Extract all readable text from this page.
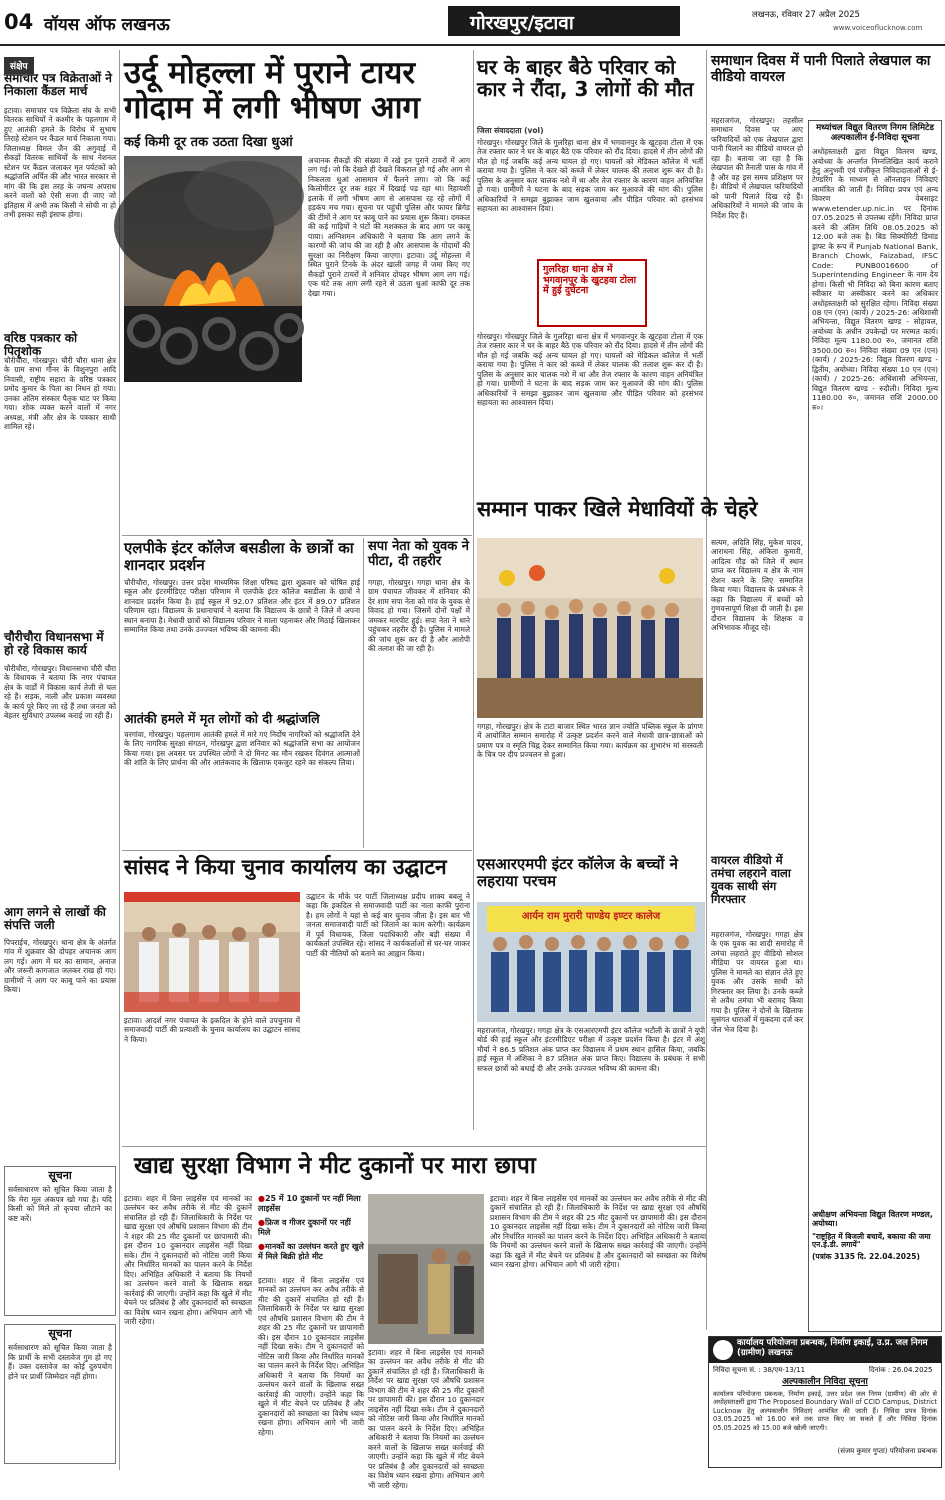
04 वॉयस ऑफ लखनऊ	गोरखपुर/इटावा	लखनऊ, रविवार 27 अप्रैल 2025
www.voiceoflucknow.com
संक्षेप
समाचार पत्र विक्रेताओं ने निकाला कैंडल मार्च
इटावा। समाचार पत्र विक्रेता संघ के सभी वितरक साथियों ने कश्मीर के पहलगाम में हुए आतंकी हमले के विरोध में सुभाष तिराहे स्टेशन पर कैंडल मार्च निकाला गया। जिलाध्यक्ष विमल जैन की अगुवाई में सैकड़ों वितरक साथियों के साथ नेशनल स्टेशन पर कैंडल जलाकर मृत पर्यटकों को श्रद्धांजलि अर्पित की और भारत सरकार से मांग की कि इस तरह के जघन्य अपराध करने वालों को ऐसी सजा दी जाए जो इतिहास में अभी तक किसी ने सोची ना हो तभी इसका सही इंसाफ होगा।
वरिष्ठ पत्रकार को पितृशोक
चौरीचौरा, गोरखपुर। चौरी चौरा थाना क्षेत्र के ग्राम सभा गौनर के विशुनपुरा आदि निवासी, राष्ट्रीय सहारा के वरिष्ठ पत्रकार प्रमोद कुमार के पिता का निधन हो गया। उनका अंतिम संस्कार पैतृक घाट पर किया गया। शोक व्यक्त करने वालों में नगर अध्यक्ष, मंत्री और क्षेत्र के पत्रकार साथी शामिल रहे।
चौरीचौरा विधानसभा में हो रहे विकास कार्य
चौरीचौरा, गोरखपुर। विधानसभा चौरी चौरा के विधायक ने बताया कि नगर पंचायत क्षेत्र के वार्डों में विकास कार्य तेजी से चल रहे हैं। सड़क, नाली और प्रकाश व्यवस्था के कार्य पूरे किए जा रहे हैं तथा जनता को बेहतर सुविधाएं उपलब्ध कराई जा रही हैं।
आग लगने से लाखों की संपत्ति जली
पिपराईच, गोरखपुर। थाना क्षेत्र के अंतर्गत गांव में शुक्रवार की दोपहर अचानक आग लग गई। आग में घर का सामान, अनाज और जरूरी कागजात जलकर राख हो गए। ग्रामीणों ने आग पर काबू पाने का प्रयास किया।
सूचना
सर्वसाधारण को सूचित किया जाता है कि मेरा मूल अंकपत्र खो गया है। यदि किसी को मिले तो कृपया लौटाने का कष्ट करें।
सूचना
सर्वसाधारण को सूचित किया जाता है कि प्रार्थी के सभी दस्तावेज गुम हो गए हैं। उक्त दस्तावेज का कोई दुरुपयोग होने पर प्रार्थी जिम्मेदार नहीं होगा।
उर्दू मोहल्ला में पुराने टायर गोदाम में लगी भीषण आग
कई किमी दूर तक उठता दिखा धुआं
अचानक सैकड़ों की संख्या में रखे इन पुराने टायरों में आग लग गई। जो कि देखते ही देखते विकराल हो गई और आग से निकलता धुआं आसमान में फैलने लगा। जो कि कई किलोमीटर दूर तक शहर में दिखाई पड़ रहा था। रिहायशी इलाके में लगी भीषण आग से आसपास रह रहे लोगों में हड़कंप मच गया। सूचना पर पहुंची पुलिस और फायर ब्रिगेड की टीमों ने आग पर काबू पाने का प्रयास शुरू किया। दमकल की कई गाड़ियों ने घंटों की मशक्कत के बाद आग पर काबू पाया। अग्निशमन अधिकारी ने बताया कि आग लगने के कारणों की जांच की जा रही है और आसपास के गोदामों की सुरक्षा का निरीक्षण किया जाएगा। इटावा। उर्दू मोहल्ला में स्थित पुराने टिनके के अंदर खाली जगह में जमा किए गए सैकड़ों पुराने टायरों में शनिवार दोपहर भीषण आग लग गई। एक घंटे तक आग लगी रहने से उठता धुआं काफी दूर तक देखा गया।
घर के बाहर बैठे परिवार को कार ने रौंदा, 3 लोगों की मौत
जिला संवाददाता (vol)
गोरखपुर। गोरखपुर जिले के गुलरिहा थाना क्षेत्र में भगवानपुर के खुटहवा टोला में एक तेज रफ्तार कार ने घर के बाहर बैठे एक परिवार को रौंद दिया। हादसे में तीन लोगों की मौत हो गई जबकि कई अन्य घायल हो गए। घायलों को मेडिकल कॉलेज में भर्ती कराया गया है। पुलिस ने कार को कब्जे में लेकर चालक की तलाश शुरू कर दी है। पुलिस के अनुसार कार चालक नशे में था और तेज रफ्तार के कारण वाहन अनियंत्रित हो गया। ग्रामीणों ने घटना के बाद सड़क जाम कर मुआवजे की मांग की। पुलिस अधिकारियों ने समझा बुझाकर जाम खुलवाया और पीड़ित परिवार को हरसंभव सहायता का आश्वासन दिया।
गुलरिहा थाना क्षेत्र में भगवानपुर के खुटहवा टोला में हुई दुर्घटना
गोरखपुर। गोरखपुर जिले के गुलरिहा थाना क्षेत्र में भगवानपुर के खुटहवा टोला में एक तेज रफ्तार कार ने घर के बाहर बैठे एक परिवार को रौंद दिया। हादसे में तीन लोगों की मौत हो गई जबकि कई अन्य घायल हो गए। घायलों को मेडिकल कॉलेज में भर्ती कराया गया है। पुलिस ने कार को कब्जे में लेकर चालक की तलाश शुरू कर दी है। पुलिस के अनुसार कार चालक नशे में था और तेज रफ्तार के कारण वाहन अनियंत्रित हो गया। ग्रामीणों ने घटना के बाद सड़क जाम कर मुआवजे की मांग की। पुलिस अधिकारियों ने समझा बुझाकर जाम खुलवाया और पीड़ित परिवार को हरसंभव सहायता का आश्वासन दिया।
समाधान दिवस में पानी पिलाते लेखपाल का वीडियो वायरल
महराजगंज, गोरखपुर। तहसील समाधान दिवस पर आए फरियादियों को एक लेखपाल द्वारा पानी पिलाने का वीडियो वायरल हो रहा है। बताया जा रहा है कि लेखपाल की तैनाती पास के गांव में है और वह इस समय प्रशिक्षण पर है। वीडियो में लेखपाल फरियादियों को पानी पिलाते दिख रहे हैं। अधिकारियों ने मामले की जांच के निर्देश दिए हैं।
मध्यांचल विद्युत वितरण निगम लिमिटेड अल्पकालीन ई-निविदा सूचना
अधोहस्ताक्षरी द्वारा विद्युत वितरण खण्ड, अयोध्या के अन्तर्गत निम्नलिखित कार्य कराने हेतु अनुभवी एवं पंजीकृत निविदादाताओं से ई-टेण्डरिंग के माध्यम से ऑनलाइन निविदाएं आमंत्रित की जाती हैं। निविदा प्रपत्र एवं अन्य विवरण वेबसाइट www.etender.up.nic.in पर दिनांक 07.05.2025 से उपलब्ध रहेंगे। निविदा प्राप्त करने की अंतिम तिथि 08.05.2025 को 12.00 बजे तक है। बिड सिक्योरिटी डिमांड ड्राफ्ट के रूप में Punjab National Bank, Branch Chowk, Faizabad, IFSC Code: PUNB0016600 of Superintending Engineer के नाम देय होगा। किसी भी निविदा को बिना कारण बताए स्वीकार या अस्वीकार करने का अधिकार अधोहस्ताक्षरी को सुरक्षित रहेगा। निविदा संख्या 08 एन (एन) (कार्य) / 2025-26: अधिशासी अभियन्ता, विद्युत वितरण खण्ड - सोहावल, अयोध्या के अधीन उपकेन्द्रों पर मरम्मत कार्य। निविदा मूल्य 1180.00 रु०, जमानत राशि 3500.00 रु०। निविदा संख्या 09 एन (एन) (कार्य) / 2025-26: विद्युत वितरण खण्ड - द्वितीय, अयोध्या। निविदा संख्या 10 एन (एन) (कार्य) / 2025-26: अधिशासी अभियन्ता, विद्युत वितरण खण्ड - रुदौली। निविदा मूल्य 1180.00 रु०, जमानत राशि 2000.00 रु०।
अधीक्षण अभियन्ता विद्युत वितरण मण्डल, अयोध्या।
"राष्ट्रहित में बिजली बचायें, बकाया की जमा एन.ई.डी. लगायें"
(पत्रांक 3135 दि. 22.04.2025)
एलपीके इंटर कॉलेज बसडीला के छात्रों का शानदार प्रदर्शन
चौरीचौरा, गोरखपुर। उत्तर प्रदेश माध्यमिक शिक्षा परिषद द्वारा शुक्रवार को घोषित हाई स्कूल और इंटरमीडिएट परीक्षा परिणाम में एलपीके इंटर कॉलेज बसडीला के छात्रों ने शानदार प्रदर्शन किया है। हाई स्कूल में 92.07 प्रतिशत और इंटर में 89.07 प्रतिशत परिणाम रहा। विद्यालय के प्रधानाचार्य ने बताया कि विद्यालय के छात्रों ने जिले में अपना स्थान बनाया है। मेधावी छात्रों को विद्यालय परिवार ने माला पहनाकर और मिठाई खिलाकर सम्मानित किया तथा उनके उज्ज्वल भविष्य की कामना की।
आतंकी हमले में मृत लोगों को दी श्रद्धांजलि
चरगांवा, गोरखपुर। पहलगाम आतंकी हमले में मारे गए निर्दोष नागरिकों को श्रद्धांजलि देने के लिए नागरिक सुरक्षा संगठन, गोरखपुर द्वारा शनिवार को श्रद्धांजलि सभा का आयोजन किया गया। इस अवसर पर उपस्थित लोगों ने दो मिनट का मौन रखकर दिवंगत आत्माओं की शांति के लिए प्रार्थना की और आतंकवाद के खिलाफ एकजुट रहने का संकल्प लिया।
सपा नेता को युवक ने पीटा, दी तहरीर
गगहा, गोरखपुर। गगहा थाना क्षेत्र के ग्राम पंचायत जीवकर में शनिवार की देर शाम सपा नेता को गांव के युवक से विवाद हो गया। जिसमें दोनों पक्षों में जमकर मारपीट हुई। सपा नेता ने थाने पहुंचकर तहरीर दी है। पुलिस ने मामले की जांच शुरू कर दी है और आरोपी की तलाश की जा रही है।
सम्मान पाकर खिले मेधावियों के चेहरे
गगहा, गोरखपुर। क्षेत्र के टाटा बाजार स्थित भारत ज्ञान ज्योति पब्लिक स्कूल के प्रांगण में आयोजित सम्मान समारोह में उत्कृष्ट प्रदर्शन करने वाले मेधावी छात्र-छात्राओं को प्रमाण पत्र व स्मृति चिह्न देकर सम्मानित किया गया। कार्यक्रम का शुभारंभ मां सरस्वती के चित्र पर दीप प्रज्वलन से हुआ।
सत्यम, अदिति सिंह, मुकेश यादव, आराधना सिंह, अंकिता कुमारी, आदित्य गौड़ को जिले में स्थान प्राप्त कर विद्यालय व क्षेत्र के नाम रोशन करने के लिए सम्मानित किया गया। विद्यालय के प्रबंधक ने कहा कि विद्यालय में बच्चों को गुणवत्तापूर्ण शिक्षा दी जाती है। इस दौरान विद्यालय के शिक्षक व अभिभावक मौजूद रहे।
वायरल वीडियो में तमंचा लहराने वाला युवक साथी संग गिरफ्तार
महराजगंज, गोरखपुर। गगहा क्षेत्र के एक युवक का शादी समारोह में तमंचा लहराते हुए वीडियो सोशल मीडिया पर वायरल हुआ था। पुलिस ने मामले का संज्ञान लेते हुए युवक और उसके साथी को गिरफ्तार कर लिया है। उनके कब्जे से अवैध तमंचा भी बरामद किया गया है। पुलिस ने दोनों के खिलाफ सुसंगत धाराओं में मुकदमा दर्ज कर जेल भेज दिया है।
सांसद ने किया चुनाव कार्यालय का उद्घाटन
इटावा। आदर्श नगर पंचायत के इकदिल के होने वाले उपचुनाव में समाजवादी पार्टी की प्रत्याशी के चुनाव कार्यालय का उद्घाटन सांसद ने किया।
उद्घाटन के मौके पर पार्टी जिलाध्यक्ष प्रदीप शाक्य बबलू ने कहा कि इकदिल से समाजवादी पार्टी का नाता काफी पुराना है। हम लोगों ने यहां से कई बार चुनाव जीता है। इस बार भी जनता समाजवादी पार्टी को जिताने का काम करेगी। कार्यक्रम में पूर्व विधायक, जिला पदाधिकारी और बड़ी संख्या में कार्यकर्ता उपस्थित रहे। सांसद ने कार्यकर्ताओं से घर-घर जाकर पार्टी की नीतियों को बताने का आह्वान किया।
एसआरएमपी इंटर कॉलेज के बच्चों ने लहराया परचम
आर्यन राम मुरारी पाण्डेय इण्टर कालेज
महराजगंज, गोरखपुर। गगहा क्षेत्र के एसआरएमपी इंटर कॉलेज भटौली के छात्रों ने यूपी बोर्ड की हाई स्कूल और इंटरमीडिएट परीक्षा में उत्कृष्ट प्रदर्शन किया है। इंटर में अंशु मौर्या ने 86.5 प्रतिशत अंक प्राप्त कर विद्यालय में प्रथम स्थान हासिल किया, जबकि हाई स्कूल में अंशिका ने 87 प्रतिशत अंक प्राप्त किए। विद्यालय के प्रबंधक ने सभी सफल छात्रों को बधाई दी और उनके उज्ज्वल भविष्य की कामना की।
खाद्य सुरक्षा विभाग ने मीट दुकानों पर मारा छापा
इटावा। शहर में बिना लाइसेंस एवं मानकों का उल्लंघन कर अवैध तरीके से मीट की दुकानें संचालित हो रही हैं। जिलाधिकारी के निर्देश पर खाद्य सुरक्षा एवं औषधि प्रशासन विभाग की टीम ने शहर की 25 मीट दुकानों पर छापामारी की। इस दौरान 10 दुकानदार लाइसेंस नहीं दिखा सके। टीम ने दुकानदारों को नोटिस जारी किया और निर्धारित मानकों का पालन करने के निर्देश दिए। अभिहित अधिकारी ने बताया कि नियमों का उल्लंघन करने वालों के खिलाफ सख्त कार्रवाई की जाएगी। उन्होंने कहा कि खुले में मीट बेचने पर प्रतिबंध है और दुकानदारों को स्वच्छता का विशेष ध्यान रखना होगा। अभियान आगे भी जारी रहेगा।
● 25 में 10 दुकानों पर नहीं मिला लाइसेंस
● फ्रिज व गीजर दुकानों पर नहीं मिले
● मानकों का उल्लंघन करते हुए खुले में मिले बिक्री होते मीट
इटावा। शहर में बिना लाइसेंस एवं मानकों का उल्लंघन कर अवैध तरीके से मीट की दुकानें संचालित हो रही हैं। जिलाधिकारी के निर्देश पर खाद्य सुरक्षा एवं औषधि प्रशासन विभाग की टीम ने शहर की 25 मीट दुकानों पर छापामारी की। इस दौरान 10 दुकानदार लाइसेंस नहीं दिखा सके। टीम ने दुकानदारों को नोटिस जारी किया और निर्धारित मानकों का पालन करने के निर्देश दिए। अभिहित अधिकारी ने बताया कि नियमों का उल्लंघन करने वालों के खिलाफ सख्त कार्रवाई की जाएगी। उन्होंने कहा कि खुले में मीट बेचने पर प्रतिबंध है और दुकानदारों को स्वच्छता का विशेष ध्यान रखना होगा। अभियान आगे भी जारी रहेगा।
इटावा। शहर में बिना लाइसेंस एवं मानकों का उल्लंघन कर अवैध तरीके से मीट की दुकानें संचालित हो रही हैं। जिलाधिकारी के निर्देश पर खाद्य सुरक्षा एवं औषधि प्रशासन विभाग की टीम ने शहर की 25 मीट दुकानों पर छापामारी की। इस दौरान 10 दुकानदार लाइसेंस नहीं दिखा सके। टीम ने दुकानदारों को नोटिस जारी किया और निर्धारित मानकों का पालन करने के निर्देश दिए। अभिहित अधिकारी ने बताया कि नियमों का उल्लंघन करने वालों के खिलाफ सख्त कार्रवाई की जाएगी। उन्होंने कहा कि खुले में मीट बेचने पर प्रतिबंध है और दुकानदारों को स्वच्छता का विशेष ध्यान रखना होगा। अभियान आगे भी जारी रहेगा।
इटावा। शहर में बिना लाइसेंस एवं मानकों का उल्लंघन कर अवैध तरीके से मीट की दुकानें संचालित हो रही हैं। जिलाधिकारी के निर्देश पर खाद्य सुरक्षा एवं औषधि प्रशासन विभाग की टीम ने शहर की 25 मीट दुकानों पर छापामारी की। इस दौरान 10 दुकानदार लाइसेंस नहीं दिखा सके। टीम ने दुकानदारों को नोटिस जारी किया और निर्धारित मानकों का पालन करने के निर्देश दिए। अभिहित अधिकारी ने बताया कि नियमों का उल्लंघन करने वालों के खिलाफ सख्त कार्रवाई की जाएगी। उन्होंने कहा कि खुले में मीट बेचने पर प्रतिबंध है और दुकानदारों को स्वच्छता का विशेष ध्यान रखना होगा। अभियान आगे भी जारी रहेगा।
कार्यालय परियोजना प्रबन्धक, निर्माण इकाई, उ.प्र. जल निगम (ग्रामीण) लखनऊ
निविदा सूचना सं. : 38/एम-13/11	दिनांक : 26.04.2025
अल्पकालीन निविदा सूचना
कार्यालय परियोजना प्रबन्धक, निर्माण इकाई, उत्तर प्रदेश जल निगम (ग्रामीण) की ओर से अधोहस्ताक्षरी द्वारा The Proposed Boundary Wall of CCID Campus, District Lucknow हेतु अल्पकालीन निविदाएं आमंत्रित की जाती हैं। निविदा प्रपत्र दिनांक 03.05.2025 को 16.00 बजे तक प्राप्त किए जा सकते हैं और निविदा दिनांक 05.05.2025 को 15.00 बजे खोली जाएगी।
(संजय कुमार गुप्ता) परियोजना प्रबन्धक
